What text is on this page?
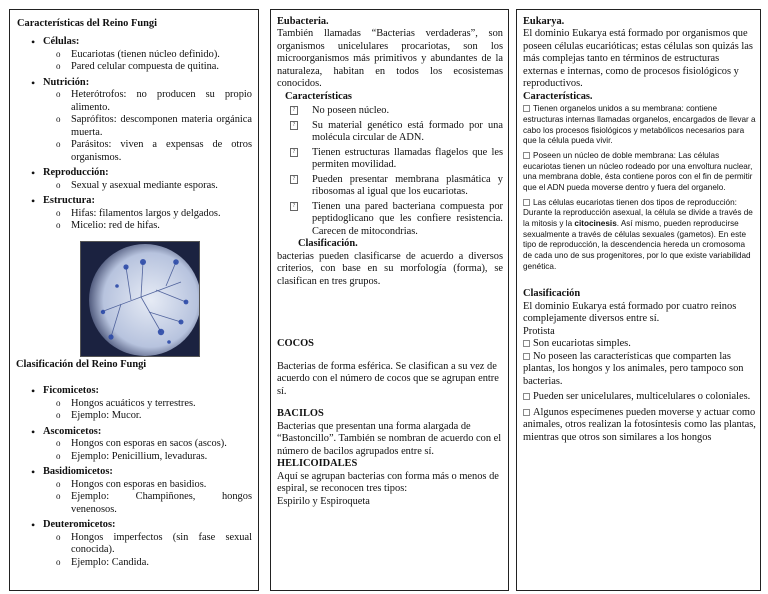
Características del Reino Fungi
• Células:
o Eucariotas (tienen núcleo definido).
o Pared celular compuesta de quitina.
• Nutrición:
o Heterótrofos: no producen su propio alimento.
o Saprófitos: descomponen materia orgánica muerta.
o Parásitos: viven a expensas de otros organismos.
• Reproducción:
o Sexual y asexual mediante esporas.
• Estructura:
o Hifas: filamentos largos y delgados.
o Micelio: red de hifas.
Clasificación del Reino Fungi
• Ficomicetos:
o Hongos acuáticos y terrestres.
o Ejemplo: Mucor.
• Ascomicetos:
o Hongos con esporas en sacos (ascos).
o Ejemplo: Penicillium, levaduras.
• Basidiomicetos:
o Hongos con esporas en basidios.
o Ejemplo: Champiñones, hongos venenosos.
• Deuteromicetos:
o Hongos imperfectos (sin fase sexual conocida).
o Ejemplo: Candida.
Eubacteria.
También llamadas “Bacterias verdaderas”, son organismos unicelulares procariotas, son los microorganismos más primitivos y abundantes de la naturaleza, habitan en todos los ecosistemas conocidos.
Características
? No poseen núcleo.
? Su material genético está formado por una molécula circular de ADN.
? Tienen estructuras llamadas flagelos que les permiten movilidad.
? Pueden presentar membrana plasmática y ribosomas al igual que los eucariotas.
? Tienen una pared bacteriana compuesta por peptidoglicano que les confiere resistencia. Carecen de mitocondrias.
Clasificación.
bacterias pueden clasificarse de acuerdo a diversos criterios, con base en su morfología (forma), se clasifican en tres grupos.
COCOS
Bacterias de forma esférica. Se clasifican a su vez de acuerdo con el número de cocos que se agrupan entre sí.
BACILOS
Bacterias que presentan una forma alargada de “Bastoncillo”. También se nombran de acuerdo con el número de bacilos agrupados entre sí.
HELICOIDALES
Aquí se agrupan bacterias con forma más o menos de espiral, se reconocen tres tipos:
Espirilo y Espiroqueta
Eukarya.
El dominio Eukarya está formado por organismos que poseen células eucarióticas; estas células son quizás las más complejas tanto en términos de estructuras externas e internas, como de procesos fisiológicos y reproductivos.
Características.
Tienen organelos unidos a su membrana: contiene estructuras internas llamadas organelos, encargados de llevar a cabo los procesos fisiológicos y metabólicos necesarios para que la célula pueda vivir.
Poseen un núcleo de doble membrana: Las células eucariotas tienen un núcleo rodeado por una envoltura nuclear, una membrana doble, ésta contiene poros con el fin de permitir que el ADN pueda moverse dentro y fuera del organelo.
Las células eucariotas tienen dos tipos de reproducción: Durante la reproducción asexual, la célula se divide a través de la mitosis y la citocinesis. Así mismo, pueden reproducirse sexualmente a través de células sexuales (gametos). En este tipo de reproducción, la descendencia hereda un cromosoma de cada uno de sus progenitores, por lo que existe variabilidad genética.
Clasificación
El dominio Eukarya está formado por cuatro reinos complejamente diversos entre sí.
Protista
Son eucariotas simples.
No poseen las características que comparten las plantas, los hongos y los animales, pero tampoco son bacterias.
Pueden ser unicelulares, multicelulares o coloniales.
Algunos especímenes pueden moverse y actuar como animales, otros realizan la fotosíntesis como las plantas, mientras que otros son similares a los hongos
